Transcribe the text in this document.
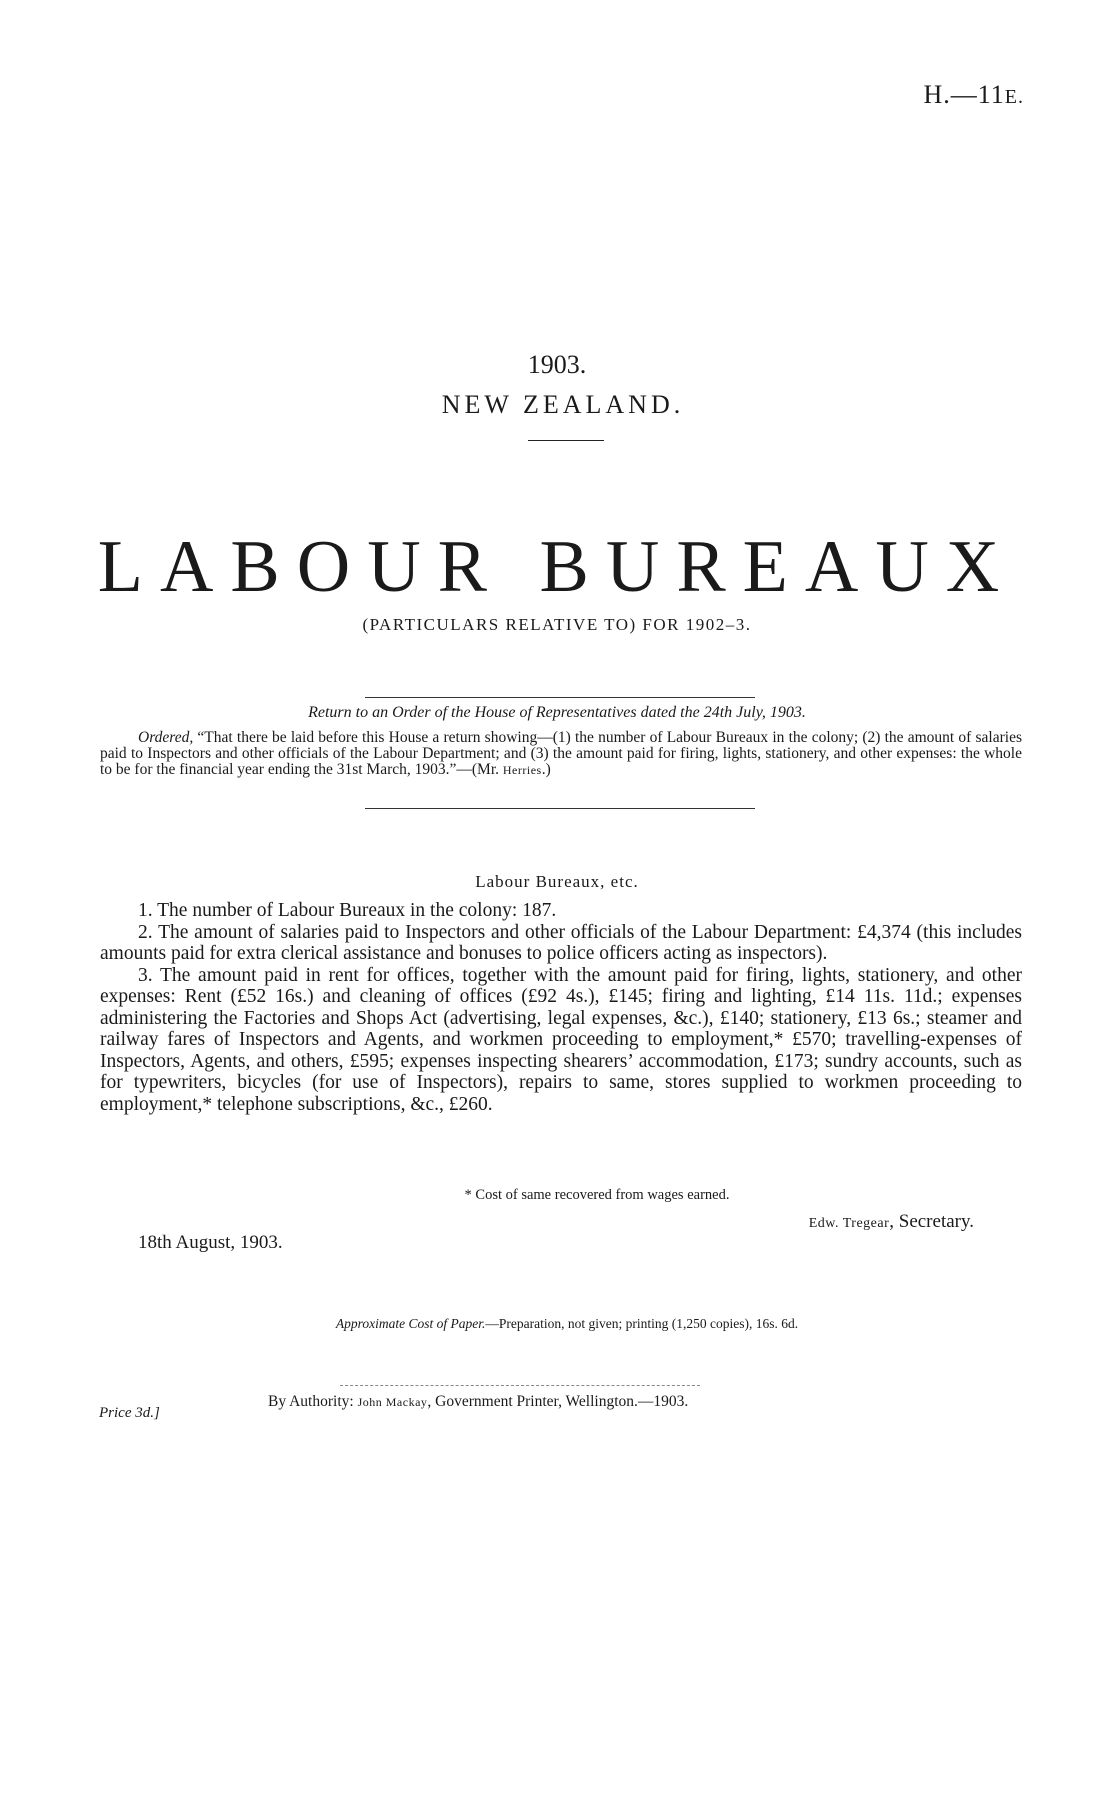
H.—11E.
1903.
NEW ZEALAND.
LABOUR BUREAUX
(PARTICULARS RELATIVE TO) FOR 1902–3.
Return to an Order of the House of Representatives dated the 24th July, 1903.
Ordered, “That there be laid before this House a return showing—(1) the number of Labour Bureaux in the colony; (2) the amount of salaries paid to Inspectors and other officials of the Labour Department; and (3) the amount paid for firing, lights, stationery, and other expenses: the whole to be for the financial year ending the 31st March, 1903.”—(Mr. Herries.)
Labour Bureaux, etc.

1. The number of Labour Bureaux in the colony: 187.

2. The amount of salaries paid to Inspectors and other officials of the Labour Department: £4,374 (this includes amounts paid for extra clerical assistance and bonuses to police officers acting as inspectors).

3. The amount paid in rent for offices, together with the amount paid for firing, lights, stationery, and other expenses: Rent (£52 16s.) and cleaning of offices (£92 4s.), £145; firing and lighting, £14 11s. 11d.; expenses administering the Factories and Shops Act (advertising, legal expenses, &c.), £140; stationery, £13 6s.; steamer and railway fares of Inspectors and Agents, and workmen proceeding to employment,* £570; travelling-expenses of Inspectors, Agents, and others, £595; expenses inspecting shearers’ accommodation, £173; sundry accounts, such as for typewriters, bicycles (for use of Inspectors), repairs to same, stores supplied to workmen proceeding to employment,* telephone subscriptions, &c., £260.

* Cost of same recovered from wages earned.
Edw. Tregear, Secretary.
18th August, 1903.
Approximate Cost of Paper.—Preparation, not given; printing (1,250 copies), 16s. 6d.
By Authority: John Mackay, Government Printer, Wellington.—1903.
Price 3d.]
